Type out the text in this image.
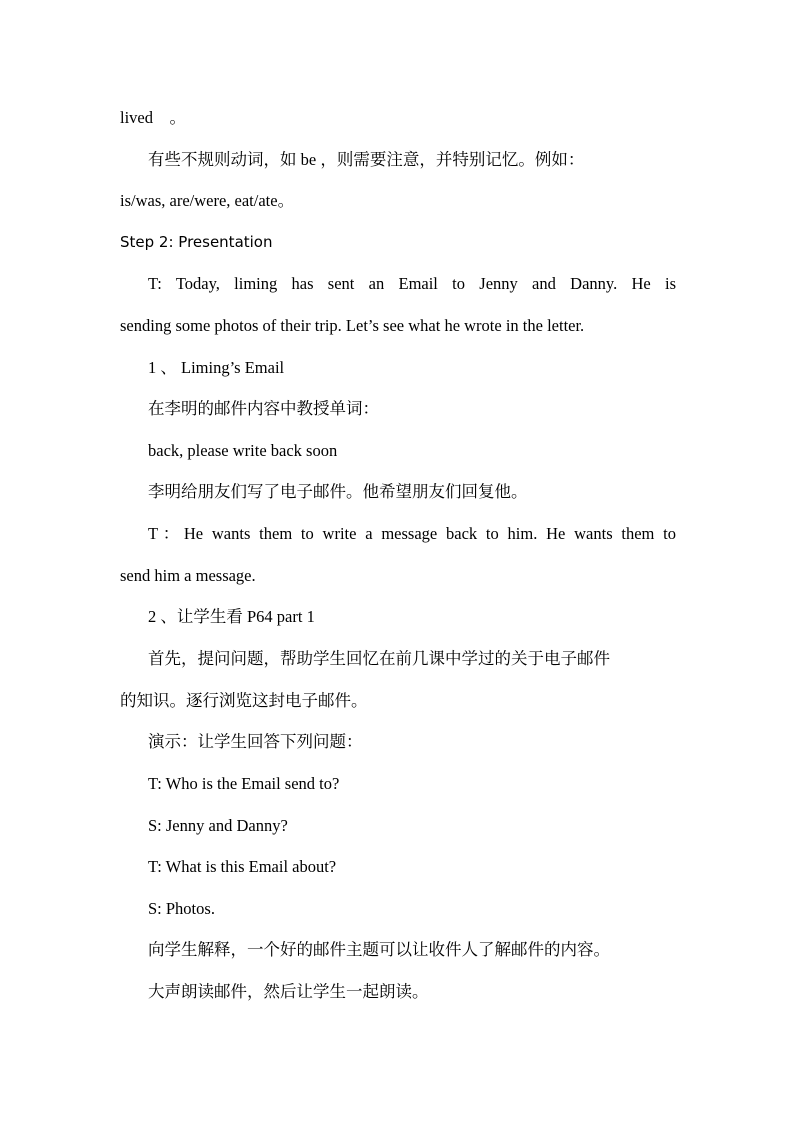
lived　。
有些不规则动词，如 be ，则需要注意，并特别记忆。例如：
is/was, are/were, eat/ate。
Step 2: Presentation
T: Today, liming has sent an Email to Jenny and Danny. He is
sending some photos of their trip. Let’s see what he wrote in the letter.
1 、 Liming’s Email
在李明的邮件内容中教授单词：
back, please write back soon
李明给朋友们写了电子邮件。他希望朋友们回复他。
T：He wants them to write a message back to him. He wants them to
send him a message.
2 、让学生看 P64 part 1
首先，提问问题，帮助学生回忆在前几课中学过的关于电子邮件
的知识。逐行浏览这封电子邮件。
演示：让学生回答下列问题：
T: Who is the Email send to?
S: Jenny and Danny?
T: What is this Email about?
S: Photos.
向学生解释，一个好的邮件主题可以让收件人了解邮件的内容。
大声朗读邮件，然后让学生一起朗读。
